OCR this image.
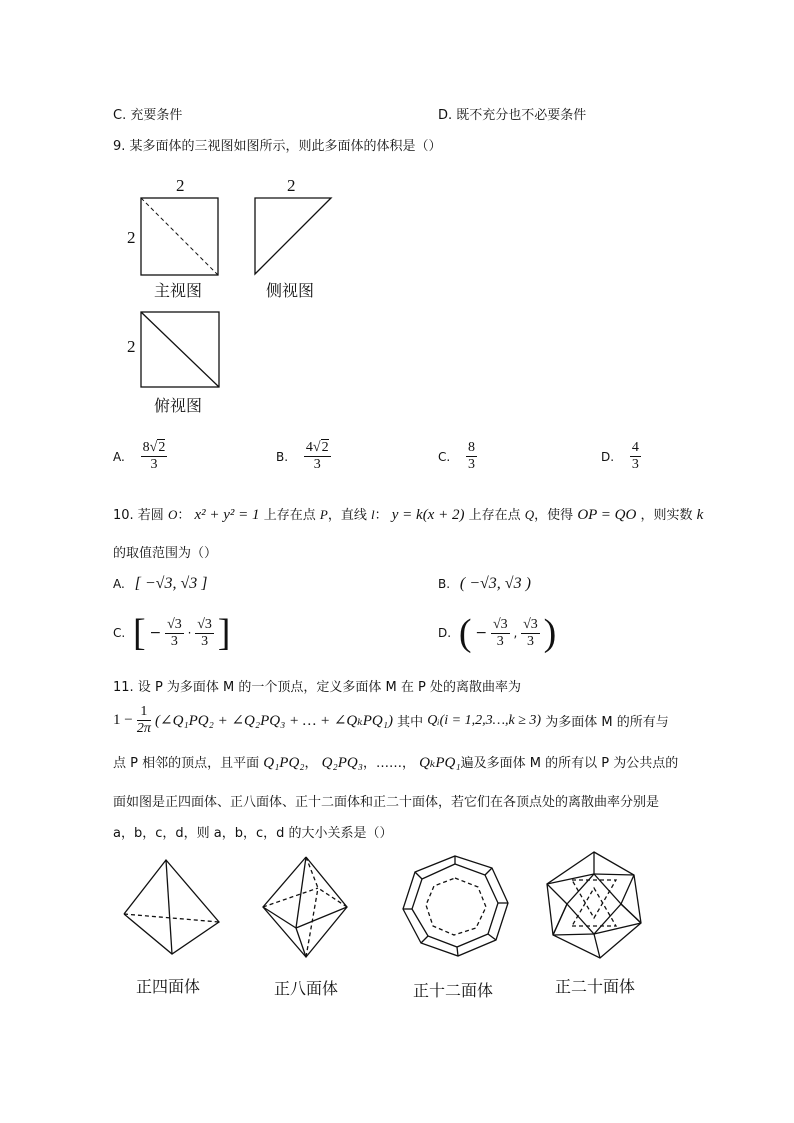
C. 充要条件	D. 既不充分也不必要条件
9. 某多面体的三视图如图所示，则此多面体的体积是（）
2	2
2
2
主视图	侧视图
俯视图
A. $\frac{8√2}{3}$	B. $\frac{4√2}{3}$	C. $\frac{8}{3}$	D. $\frac{4}{3}$
10. 若圆 O： x² + y² = 1 上存在点 P，直线 l： y = k(x + 2) 上存在点 Q，使得 OP = QO ，则实数 k
的取值范围为（）
A. [ −√3, √3 ]	B. ( −√3, √3 )
C. [ − $\frac{√3}{3} \cdot \frac{√3}{3}$ ]	D. ( − $\frac{√3}{3}$ , $\frac{√3}{3}$ )
11. 设 P 为多面体 M 的一个顶点，定义多面体 M 在 P 处的离散曲率为
$1 - \frac{1}{2\pi}$ (∠Q₁PQ₂ + ∠Q₂PQ₃ + … + ∠QₖPQ₁) 其中 Qᵢ(i = 1,2,3…,k ≥ 3) 为多面体 M 的所有与
点 P 相邻的顶点，且平面 Q₁PQ₂， Q₂PQ₃，……， QₖPQ₁遍及多面体 M 的所有以 P 为公共点的
面如图是正四面体、正八面体、正十二面体和正二十面体，若它们在各顶点处的离散曲率分别是
a，b，c，d，则 a，b，c，d 的大小关系是（）
正四面体	正八面体	正十二面体	正二十面体
